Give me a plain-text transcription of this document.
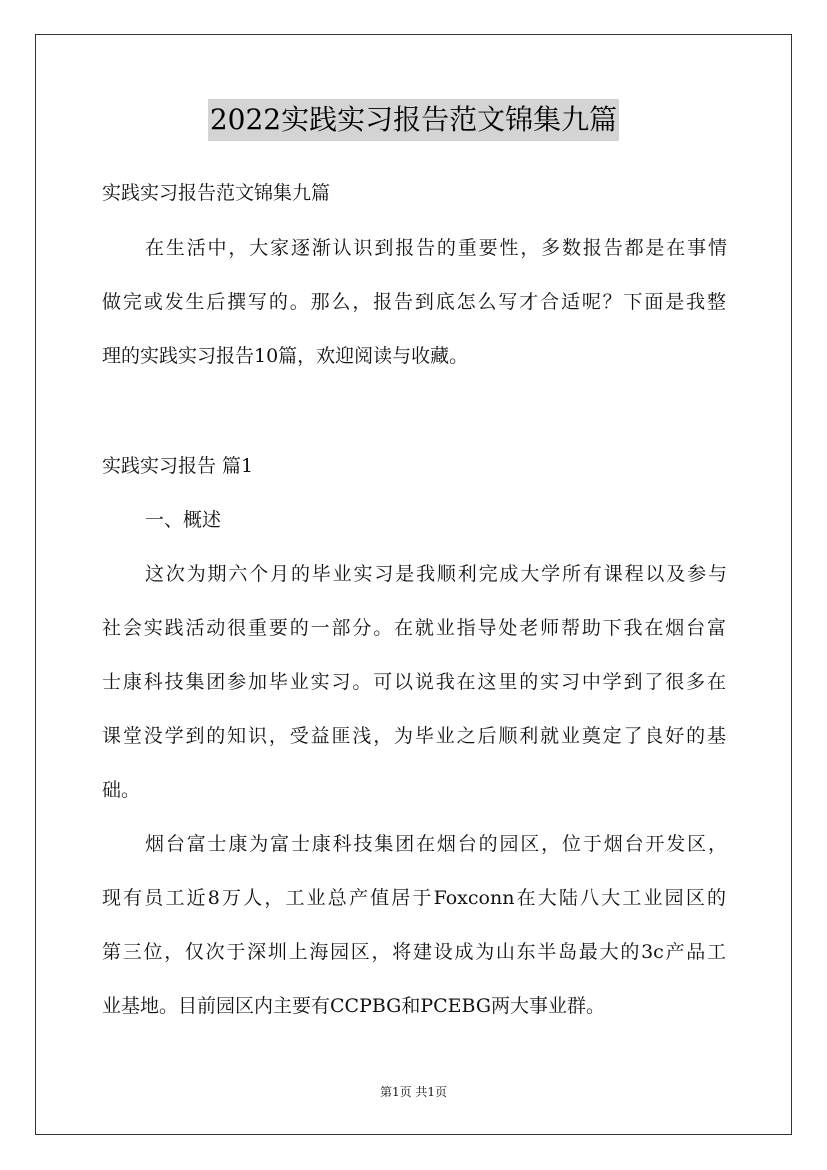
2022实践实习报告范文锦集九篇
实践实习报告范文锦集九篇
在生活中，大家逐渐认识到报告的重要性，多数报告都是在事情
做完或发生后撰写的。那么，报告到底怎么写才合适呢？下面是我整
理的实践实习报告10篇，欢迎阅读与收藏。
实践实习报告 篇1
一、概述
这次为期六个月的毕业实习是我顺利完成大学所有课程以及参与
社会实践活动很重要的一部分。在就业指导处老师帮助下我在烟台富
士康科技集团参加毕业实习。可以说我在这里的实习中学到了很多在
课堂没学到的知识，受益匪浅，为毕业之后顺利就业奠定了良好的基
础。
烟台富士康为富士康科技集团在烟台的园区，位于烟台开发区，
现有员工近8万人，工业总产值居于Foxconn在大陆八大工业园区的
第三位，仅次于深圳上海园区，将建设成为山东半岛最大的3c产品工
业基地。目前园区内主要有CCPBG和PCEBG两大事业群。
第1页 共1页
